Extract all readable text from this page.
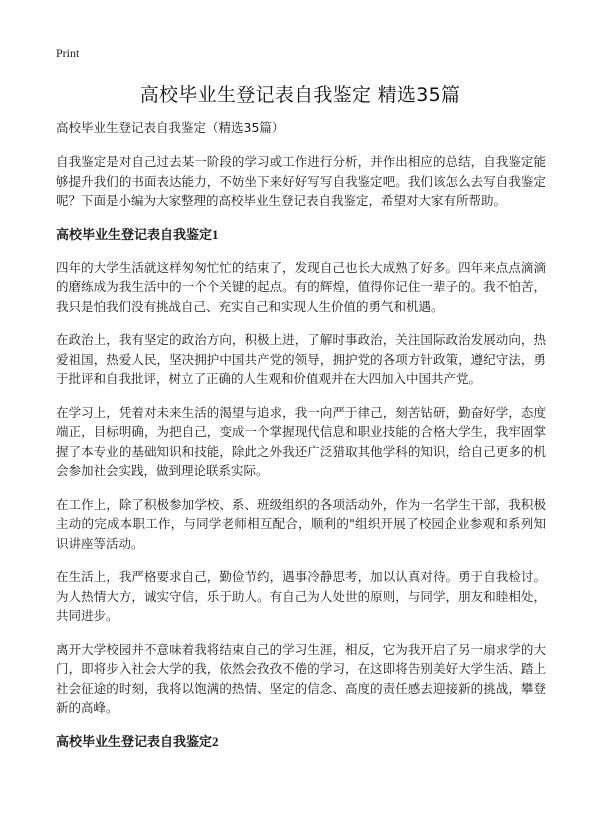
Print
高校毕业生登记表自我鉴定 精选35篇
高校毕业生登记表自我鉴定（精选35篇）

自我鉴定是对自己过去某一阶段的学习或工作进行分析，并作出相应的总结，自我鉴定能够提升我们的书面表达能力，不妨坐下来好好写写自我鉴定吧。我们该怎么去写自我鉴定呢？下面是小编为大家整理的高校毕业生登记表自我鉴定，希望对大家有所帮助。

高校毕业生登记表自我鉴定1

四年的大学生活就这样匆匆忙忙的结束了，发现自己也长大成熟了好多。四年来点点滴滴的磨练成为我生活中的一个个关键的起点。有的辉煌，值得你记住一辈子的。我不怕苦，我只是怕我们没有挑战自己、充实自己和实现人生价值的勇气和机遇。

在政治上，我有坚定的政治方向，积极上进，了解时事政治，关注国际政治发展动向，热爱祖国，热爱人民，坚决拥护中国共产党的领导，拥护党的各项方针政策，遵纪守法，勇于批评和自我批评，树立了正确的人生观和价值观并在大四加入中国共产党。

在学习上，凭着对未来生活的渴望与追求，我一向严于律己，刻苦钻研，勤奋好学，态度端正，目标明确，为把自己，变成一个掌握现代信息和职业技能的合格大学生，我牢固掌握了本专业的基础知识和技能，除此之外我还广泛猎取其他学科的知识，给自己更多的机会参加社会实践，做到理论联系实际。

在工作上，除了积极参加学校、系、班级组织的各项活动外，作为一名学生干部，我积极主动的完成本职工作，与同学老师相互配合，顺利的"组织开展了校园企业参观和系列知识讲座等活动。

在生活上，我严格要求自己，勤俭节约，遇事冷静思考，加以认真对待。勇于自我检讨。为人热情大方，诚实守信，乐于助人。有自己为人处世的原则，与同学，朋友和睦相处，共同进步。

离开大学校园并不意味着我将结束自己的学习生涯，相反，它为我开启了另一扇求学的大门，即将步入社会大学的我，依然会孜孜不倦的学习，在这即将告别美好大学生活、踏上社会征途的时刻，我将以饱满的热情、坚定的信念、高度的责任感去迎接新的挑战，攀登新的高峰。

高校毕业生登记表自我鉴定2
